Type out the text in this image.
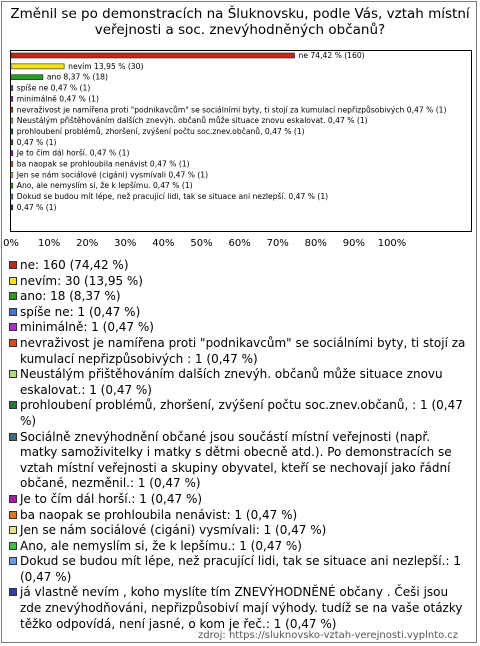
Změnil se po demonstracích na Šluknovsku, podle Vás, vztah místní veřejnosti a soc. znevýhodněných občanů?
ne: 160 (74,42 %)
nevím: 30 (13,95 %)
ano: 18 (8,37 %)
spíše ne: 1 (0,47 %)
minimálně: 1 (0,47 %)
nevraživost je namířena proti "podnikavcům" se sociálními byty, ti stojí za kumulací nepřizpůsobivých : 1 (0,47 %)
Neustálým přištěhováním dalších znevýh. občanů může situace znovu eskalovat.: 1 (0,47 %)
prohloubení problémů, zhoršení, zvýšení počtu soc.znev.občanů, : 1 (0,47 %)
Sociálně znevýhodnění občané jsou součástí místní veřejnosti (např. matky samoživitelky i matky s dětmi obecně atd.). Po demonstracích se vztah místní veřejnosti a skupiny obyvatel, kteří se nechovají jako řádní občané, nezměnil.: 1 (0,47 %)
Je to čím dál horší.: 1 (0,47 %)
ba naopak se prohloubila nenávist: 1 (0,47 %)
Jen se nám sociálové (cigáni) vysmívali: 1 (0,47 %)
Ano, ale nemyslím si, že k lepšímu.: 1 (0,47 %)
Dokud se budou mít lépe, než pracující lidi, tak se situace ani nezlepší.: 1 (0,47 %)
já vlastně nevím , koho myslíte tím ZNEVÝHODNĚNÉ občany . Češi jsou zde znevýhodňováni, nepřizpůsobiví mají výhody. tudíž se na vaše otázky těžko odpovídá, není jasné, o kom je řeč.: 1 (0,47 %)
zdroj: https://sluknovsko-vztah-verejnosti.vyplnto.cz
ne 74,42 % (160)
nevím 13,95 % (30)
ano 8,37 % (18)
spíše ne 0,47 % (1)
minimálně 0,47 % (1)
nevraživost je namířena proti "podnikavcům" se sociálními byty, ti stojí za kumulací nepřizpůsobivých 0,47 % (1)
Neustálým přištěhováním dalších znevýh. občanů může situace znovu eskalovat. 0,47 % (1)
prohloubení problémů, zhoršení, zvýšení počtu soc.znev.občanů, 0,47 % (1)
0,47 % (1)
Je to čím dál horší. 0,47 % (1)
ba naopak se prohloubila nenávist 0,47 % (1)
Jen se nám sociálové (cigáni) vysmívali 0,47 % (1)
Ano, ale nemyslím si, že k lepšímu. 0,47 % (1)
Dokud se budou mít lépe, než pracující lidi, tak se situace ani nezlepší. 0,47 % (1)
0,47 % (1)
0% 10% 20% 30% 40% 50% 60% 70% 80% 90% 100%
